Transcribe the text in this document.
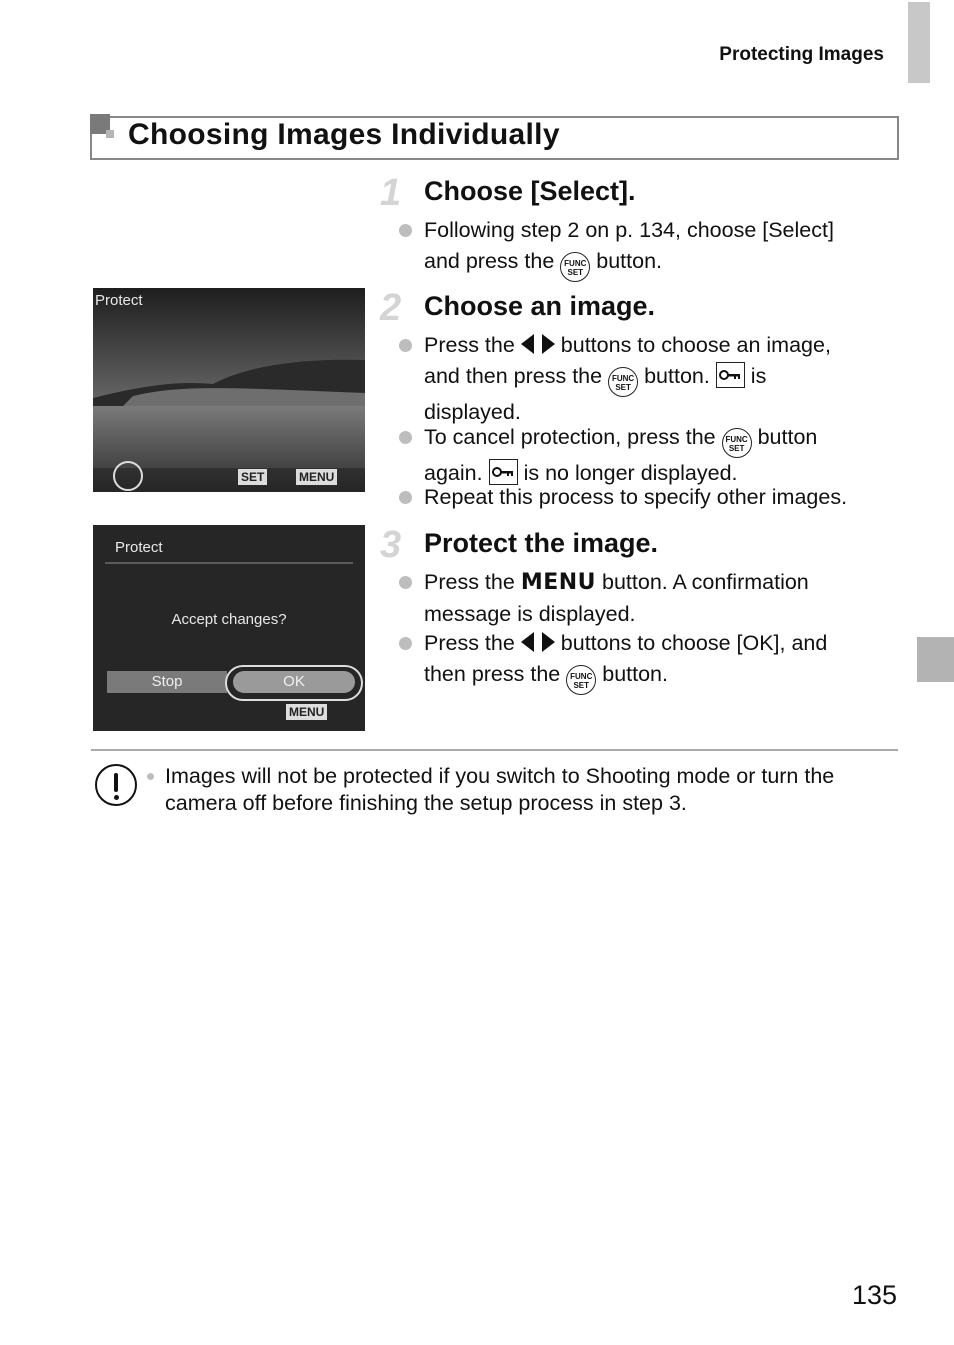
Protecting Images
Choosing Images Individually
1 Choose [Select].
Following step 2 on p. 134, choose [Select]
and press the FUNC
SET button.
2 Choose an image.
Press the buttons to choose an image,
and then press the FUNC
SET button. is
displayed.
To cancel protection, press the FUNC
SET button
again. is no longer displayed.
Repeat this process to specify other images.
3 Protect the image.
Press the MENU button. A confirmation
message is displayed.
Press the buttons to choose [OK], and
then press the FUNC
SET button.
Protect
SET	MENU
Protect
Accept changes?
Stop	OK
MENU
Images will not be protected if you switch to Shooting mode or turn the camera off before finishing the setup process in step 3.
135
